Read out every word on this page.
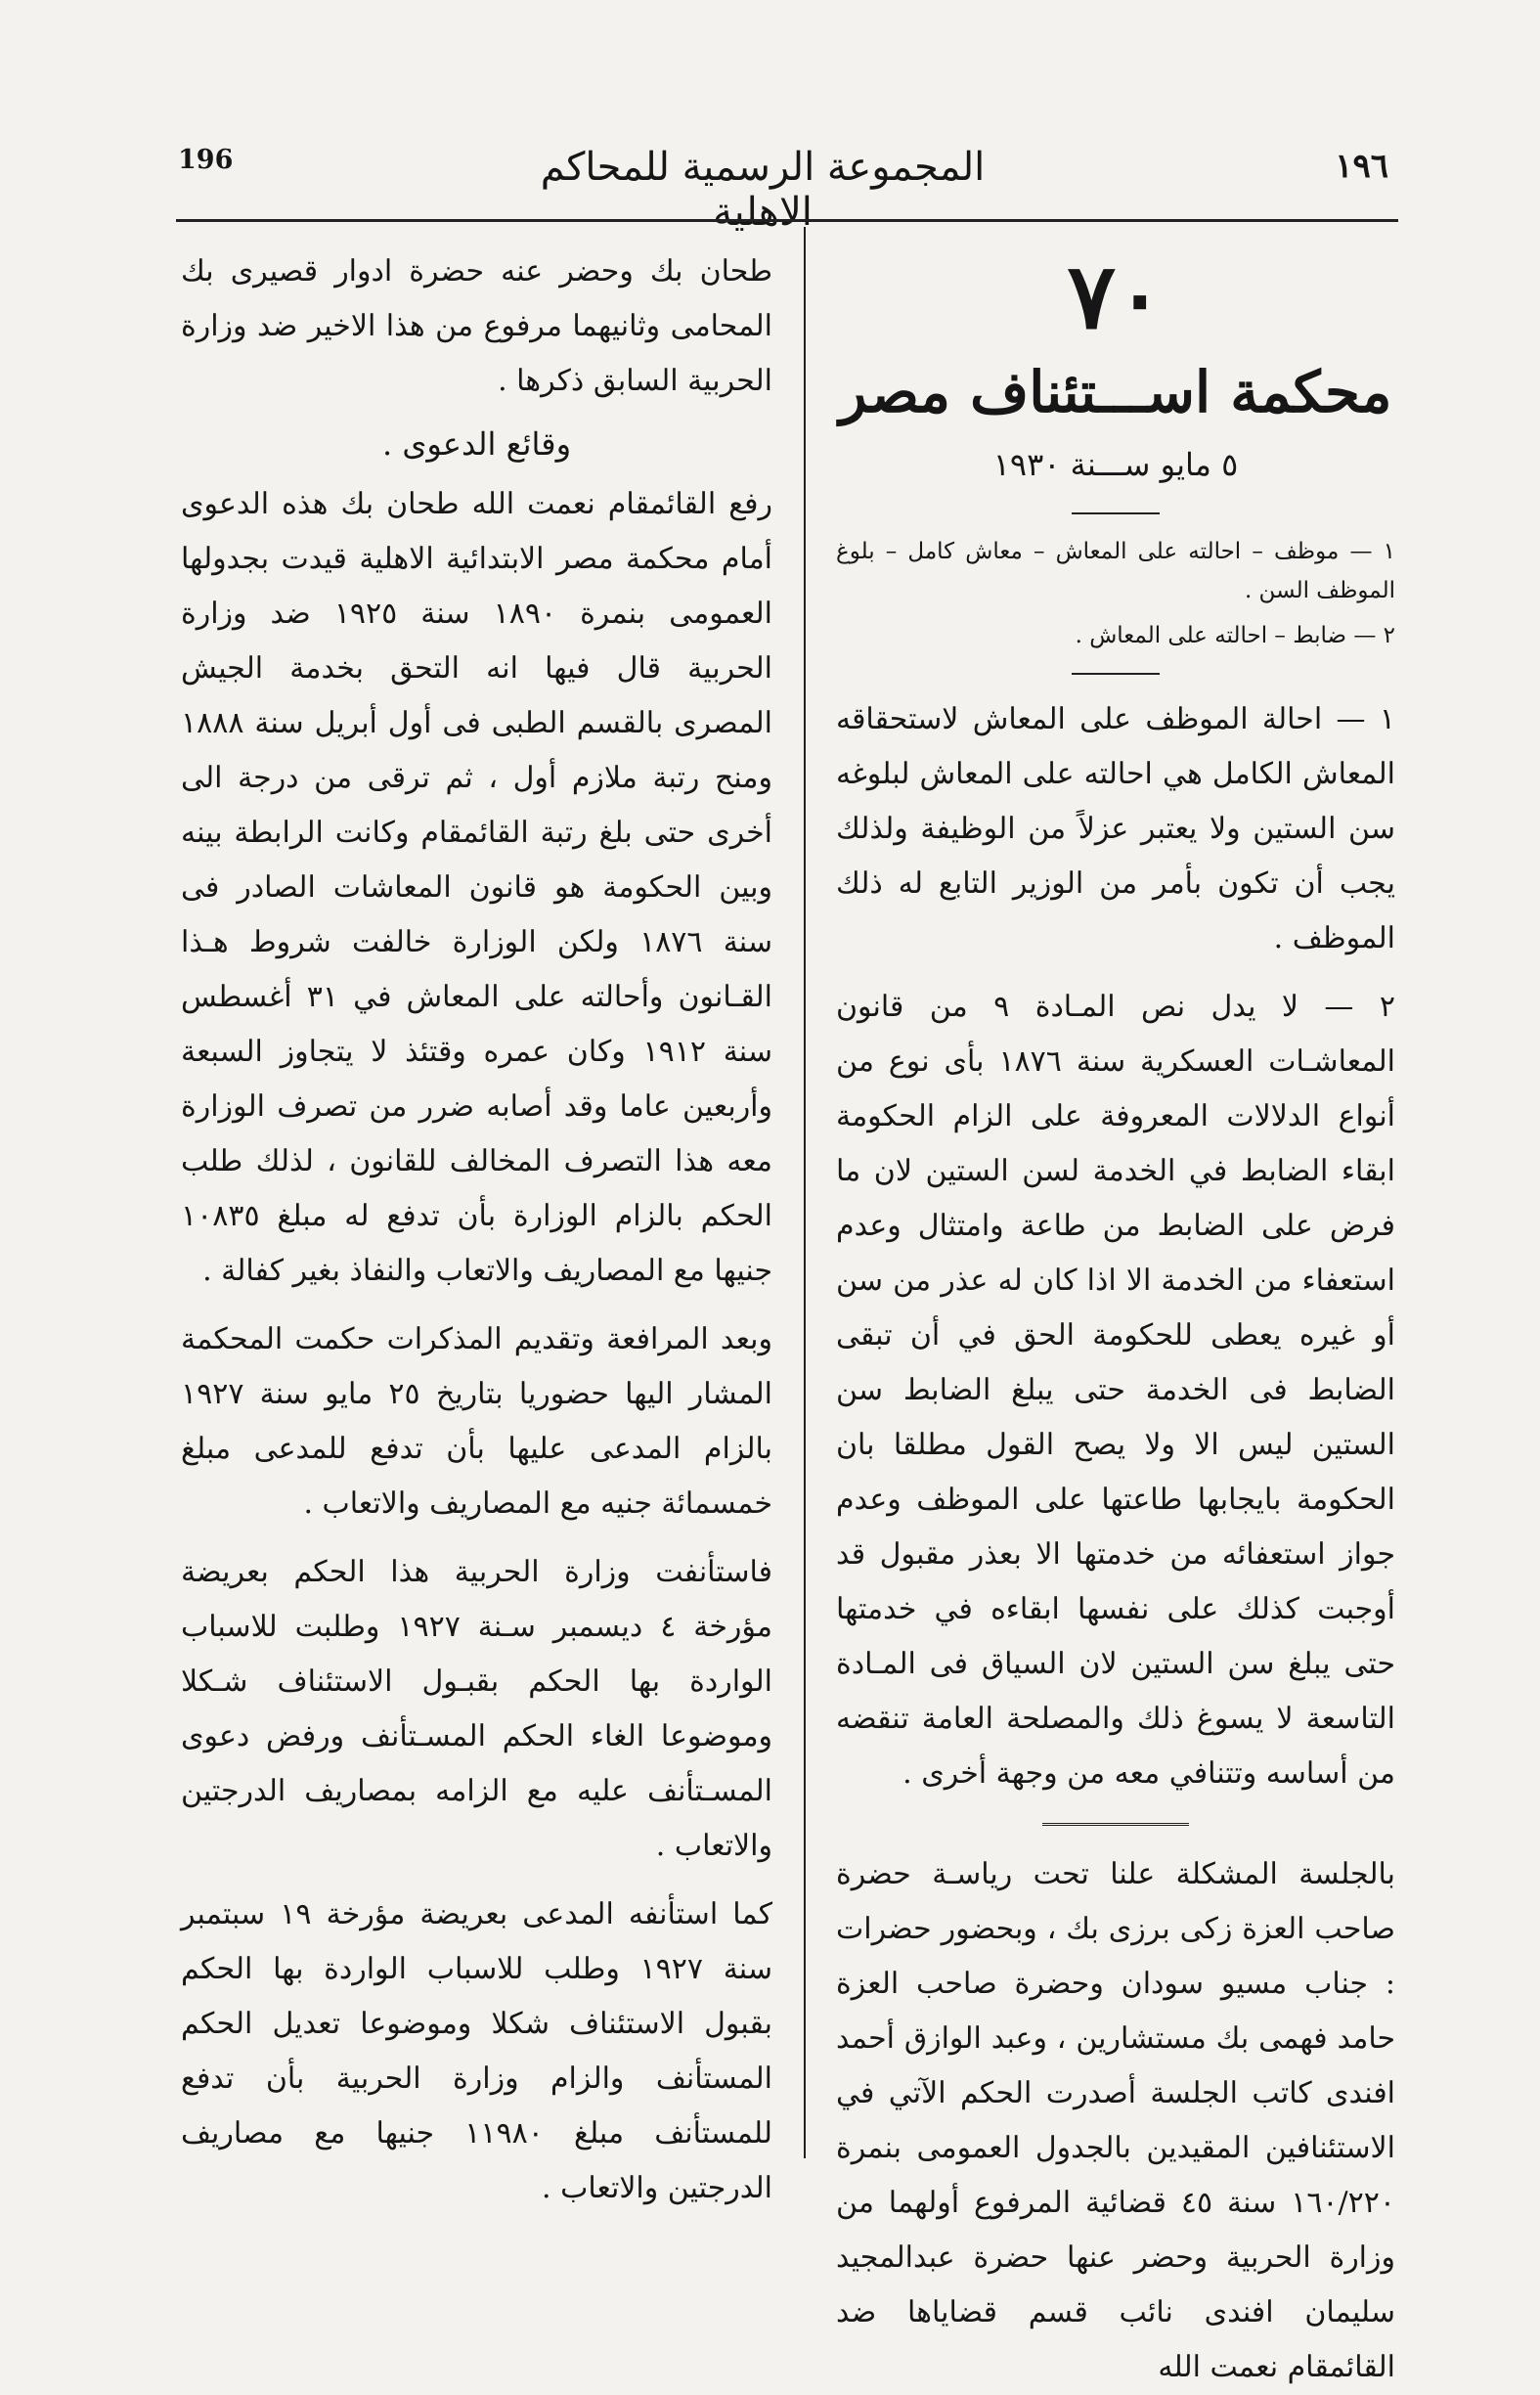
196	المجموعة الرسمية للمحاكم الاهلية
١٩٦

٧٠

محكمة اســـتئناف مصر

٥ مايو ســـنة ١٩٣٠

١ — موظف – احالته على المعاش – معاش كامل – بلوغ الموظف السن .
٢ — ضابط – احالته على المعاش .

١ — احالة الموظف على المعاش لاستحقاقه المعاش الكامل هي احالته على المعاش لبلوغه سن الستين ولا يعتبر عزلاً من الوظيفة ولذلك يجب أن تكون بأمر من الوزير التابع له ذلك الموظف .

٢ — لا يدل نص المـادة ٩ من قانون المعاشـات العسكرية سنة ١٨٧٦ بأى نوع من أنواع الدلالات المعروفة على الزام الحكومة ابقاء الضابط في الخدمة لسن الستين لان ما فرض على الضابط من طاعة وامتثال وعدم استعفاء من الخدمة الا اذا كان له عذر من سن أو غيره يعطى للحكومة الحق في أن تبقى الضابط فى الخدمة حتى يبلغ الضابط سن الستين ليس الا ولا يصح القول مطلقا بان الحكومة بايجابها طاعتها على الموظف وعدم جواز استعفائه من خدمتها الا بعذر مقبول قد أوجبت كذلك على نفسها ابقاءه في خدمتها حتى يبلغ سن الستين لان السياق فى المـادة التاسعة لا يسوغ ذلك والمصلحة العامة تنقضه من أساسه وتتنافي معه من وجهة أخرى .

بالجلسة المشكلة علنا تحت رياسـة حضرة صاحب العزة زكى برزى بك ، وبحضور حضرات : جناب مسيو سودان وحضرة صاحب العزة حامد فهمى بك مستشارين ، وعبد الوازق أحمد افندى كاتب الجلسة أصدرت الحكم الآتي في الاستئنافين المقيدين بالجدول العمومى بنمرة ١٦٠/٢٢٠ سنة ٤٥ قضائية المرفوع أولهما من وزارة الحربية وحضر عنها حضرة عبدالمجيد سليمان افندى نائب قسم قضاياها ضد القائمقام نعمت الله

طحان بك وحضر عنه حضرة ادوار قصيرى بك المحامى وثانيهما مرفوع من هذا الاخير ضد وزارة الحربية السابق ذكرها .

وقائع الدعوى .

رفع القائمقام نعمت الله طحان بك هذه الدعوى أمام محكمة مصر الابتدائية الاهلية قيدت بجدولها العمومى بنمرة ١٨٩٠ سنة ١٩٢٥ ضد وزارة الحربية قال فيها انه التحق بخدمة الجيش المصرى بالقسم الطبى فى أول أبريل سنة ١٨٨٨ ومنح رتبة ملازم أول ، ثم ترقى من درجة الى أخرى حتى بلغ رتبة القائمقام وكانت الرابطة بينه وبين الحكومة هو قانون المعاشات الصادر فى سنة ١٨٧٦ ولكن الوزارة خالفت شروط هـذا القـانون وأحالته على المعاش في ٣١ أغسطس سنة ١٩١٢ وكان عمره وقتئذ لا يتجاوز السبعة وأربعين عاما وقد أصابه ضرر من تصرف الوزارة معه هذا التصرف المخالف للقانون ، لذلك طلب الحكم بالزام الوزارة بأن تدفع له مبلغ ١٠٨٣٥ جنيها مع المصاريف والاتعاب والنفاذ بغير كفالة .

وبعد المرافعة وتقديم المذكرات حكمت المحكمة المشار اليها حضوريا بتاريخ ٢٥ مايو سنة ١٩٢٧ بالزام المدعى عليها بأن تدفع للمدعى مبلغ خمسمائة جنيه مع المصاريف والاتعاب .

فاستأنفت وزارة الحربية هذا الحكم بعريضة مؤرخة ٤ ديسمبر سـنة ١٩٢٧ وطلبت للاسباب الواردة بها الحكم بقبـول الاستئناف شـكلا وموضوعا الغاء الحكم المسـتأنف ورفض دعوى المسـتأنف عليه مع الزامه بمصاريف الدرجتين والاتعاب .

كما استأنفه المدعى بعريضة مؤرخة ١٩ سبتمبر سنة ١٩٢٧ وطلب للاسباب الواردة بها الحكم بقبول الاستئناف شكلا وموضوعا تعديل الحكم المستأنف والزام وزارة الحربية بأن تدفع للمستأنف مبلغ ١١٩٨٠ جنيها مع مصاريف الدرجتين والاتعاب .
